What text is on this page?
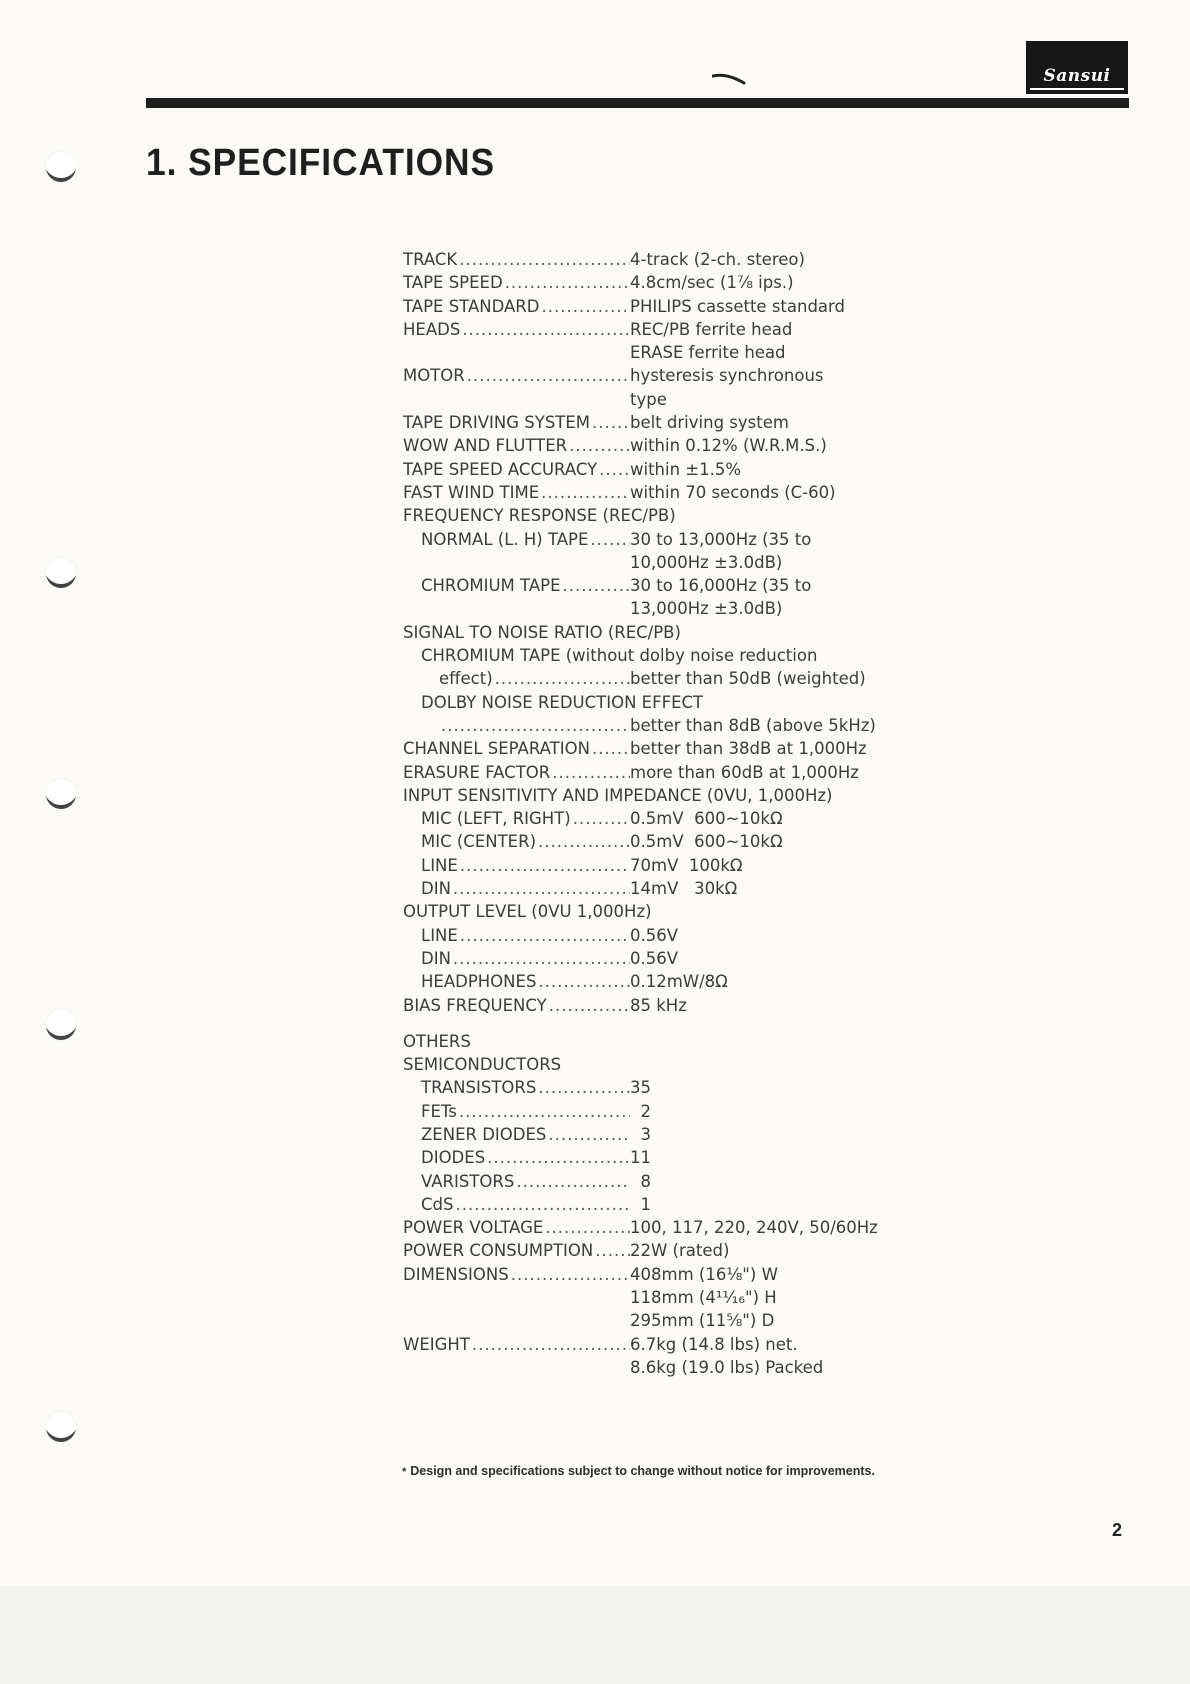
Sansui
1. SPECIFICATIONS
TRACK .....	4-track (2-ch. stereo)
TAPE SPEED .....	4.8cm/sec (1⅞ ips.)
TAPE STANDARD .....	PHILIPS cassette standard
HEADS .....	REC/PB ferrite head
ERASE ferrite head
MOTOR .....	hysteresis synchronous
type
TAPE DRIVING SYSTEM ..... belt driving system
WOW AND FLUTTER .....	within 0.12% (W.R.M.S.)
TAPE SPEED ACCURACY ..... within ±1.5%
FAST WIND TIME .....	within 70 seconds (C-60)
FREQUENCY RESPONSE (REC/PB)
NORMAL (L. H) TAPE .....	30 to 13,000Hz (35 to
10,000Hz ±3.0dB)
CHROMIUM TAPE .....	30 to 16,000Hz (35 to
13,000Hz ±3.0dB)
SIGNAL TO NOISE RATIO (REC/PB)
CHROMIUM TAPE (without dolby noise reduction
effect) .....	better than 50dB (weighted)
DOLBY NOISE REDUCTION EFFECT
.....
better than 8dB (above 5kHz)
CHANNEL SEPARATION ..... better than 38dB at 1,000Hz
ERASURE FACTOR .....	more than 60dB at 1,000Hz
INPUT SENSITIVITY AND IMPEDANCE (0VU, 1,000Hz)
MIC (LEFT, RIGHT) .....	0.5mV  600~10kΩ
MIC (CENTER) .....	0.5mV  600~10kΩ
LINE .....	70mV  100kΩ
DIN .....	14mV   30kΩ
OUTPUT LEVEL (0VU 1,000Hz)
LINE .....	0.56V
DIN .....	0.56V
HEADPHONES .....	0.12mW/8Ω
BIAS FREQUENCY .....	85 kHz
OTHERS
SEMICONDUCTORS
TRANSISTORS .....	35
FETs .....	2
ZENER DIODES .....	3
DIODES .....	11
VARISTORS .....	8
CdS .....	1
POWER VOLTAGE .....	100, 117, 220, 240V, 50/60Hz
POWER CONSUMPTION ..... 22W (rated)
DIMENSIONS .....	408mm (16⅛") W
118mm (4¹¹⁄₁₆") H
295mm (11⅝") D
WEIGHT .....	6.7kg (14.8 lbs) net.
8.6kg (19.0 lbs) Packed
* Design and specifications subject to change without notice for improvements.
2
